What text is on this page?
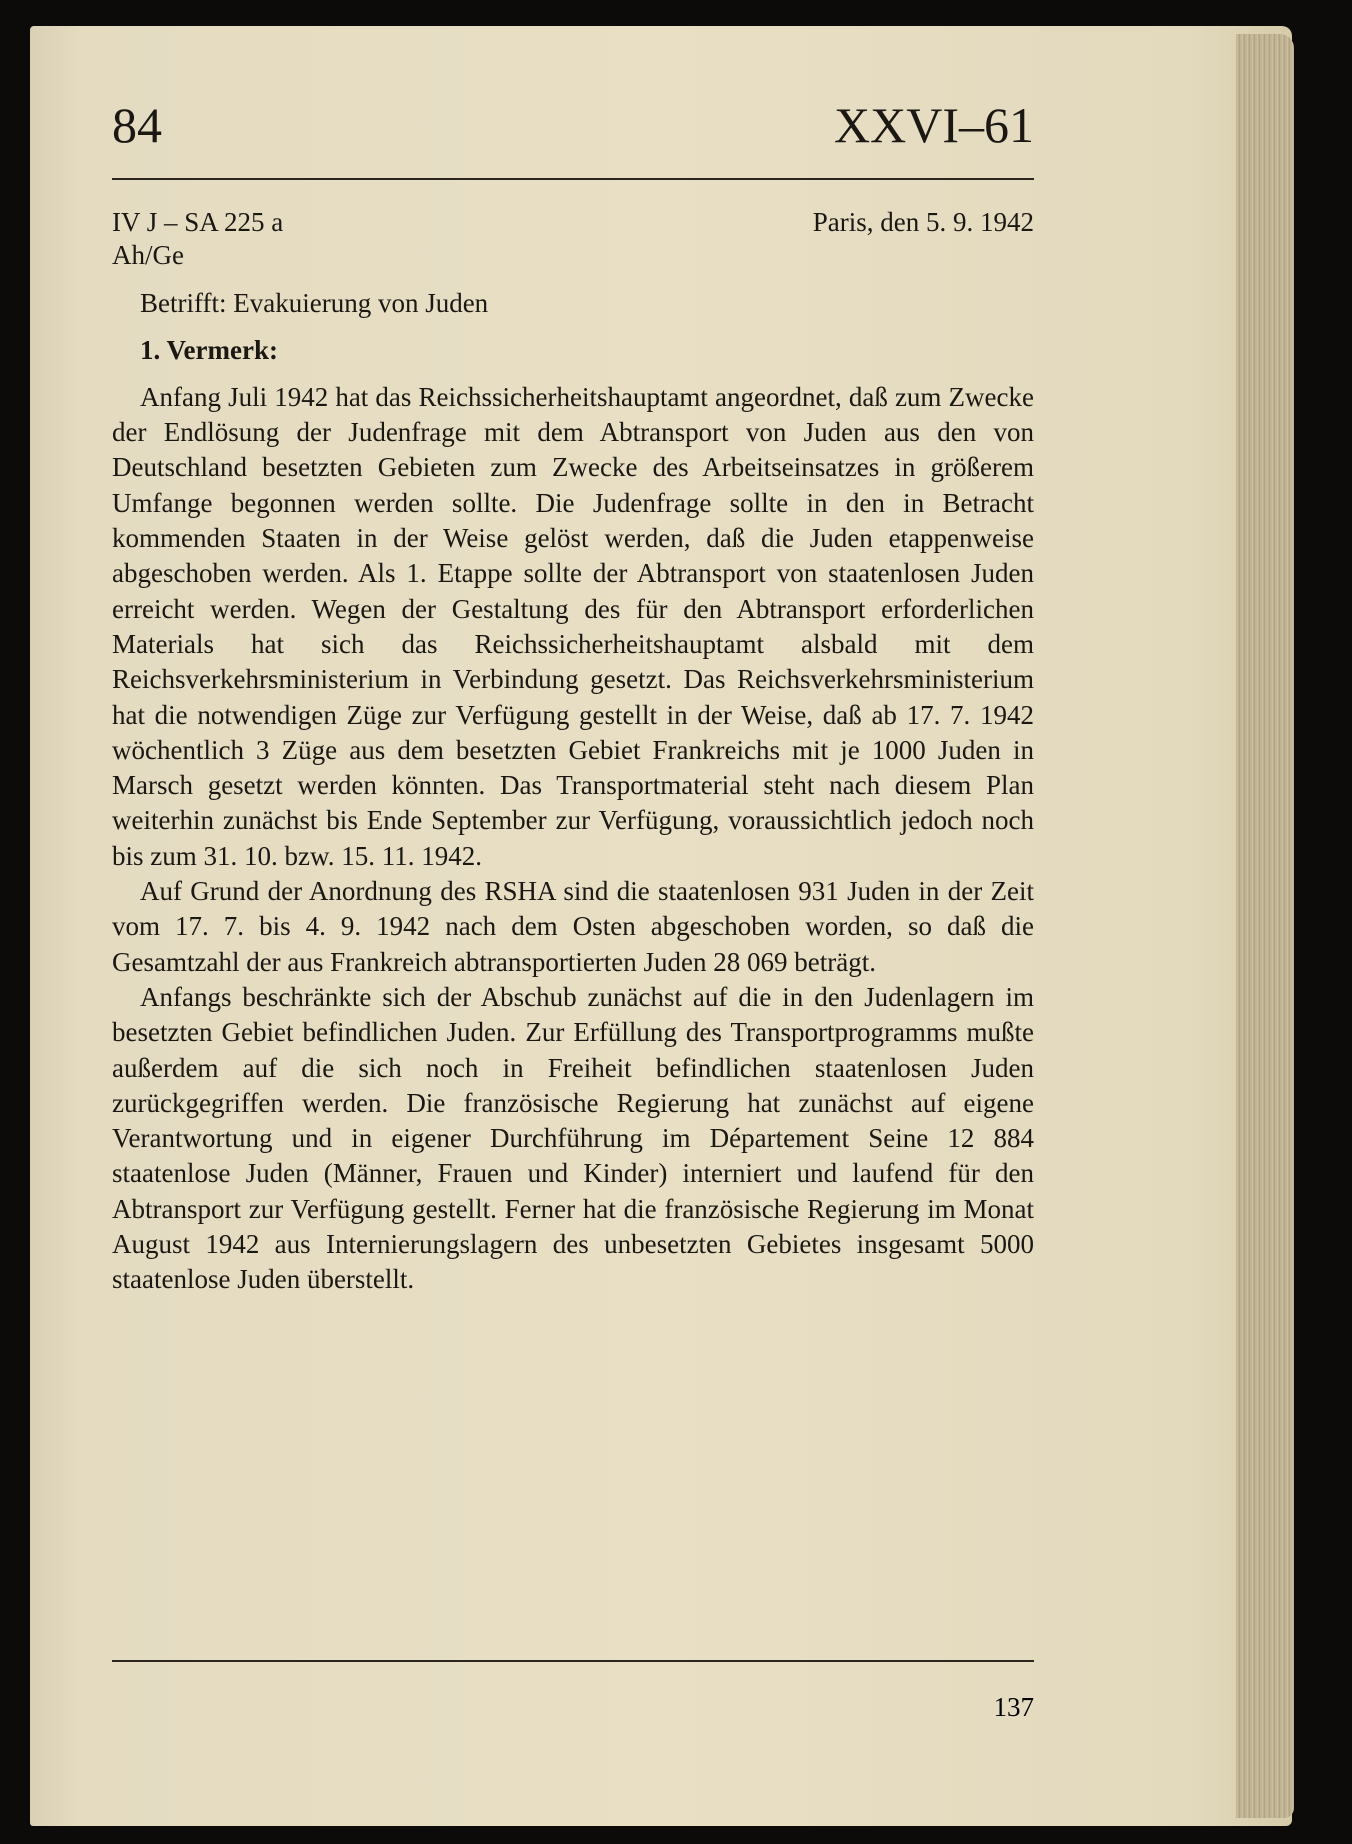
84	XXVI–61
IV J – SA 225 a
Ah/Ge
Paris, den 5. 9. 1942
Betrifft: Evakuierung von Juden
1. Vermerk:

Anfang Juli 1942 hat das Reichssicherheitshauptamt angeordnet, daß zum Zwecke der Endlösung der Judenfrage mit dem Abtransport von Juden aus den von Deutschland besetzten Gebieten zum Zwecke des Arbeitseinsatzes in größerem Umfange begonnen werden sollte. Die Judenfrage sollte in den in Betracht kommenden Staaten in der Weise gelöst werden, daß die Juden etappenweise abgeschoben werden. Als 1. Etappe sollte der Abtransport von staatenlosen Juden erreicht werden. Wegen der Gestaltung des für den Abtransport erforderlichen Materials hat sich das Reichssicherheitshauptamt alsbald mit dem Reichsverkehrsministerium in Verbindung gesetzt. Das Reichsverkehrsministerium hat die notwendigen Züge zur Verfügung gestellt in der Weise, daß ab 17. 7. 1942 wöchentlich 3 Züge aus dem besetzten Gebiet Frankreichs mit je 1000 Juden in Marsch gesetzt werden könnten. Das Transportmaterial steht nach diesem Plan weiterhin zunächst bis Ende September zur Verfügung, voraussichtlich jedoch noch bis zum 31. 10. bzw. 15. 11. 1942.

Auf Grund der Anordnung des RSHA sind die staatenlosen 931 Juden in der Zeit vom 17. 7. bis 4. 9. 1942 nach dem Osten abgeschoben worden, so daß die Gesamtzahl der aus Frankreich abtransportierten Juden 28 069 beträgt.

Anfangs beschränkte sich der Abschub zunächst auf die in den Judenlagern im besetzten Gebiet befindlichen Juden. Zur Erfüllung des Transportprogramms mußte außerdem auf die sich noch in Freiheit befindlichen staatenlosen Juden zurückgegriffen werden. Die französische Regierung hat zunächst auf eigene Verantwortung und in eigener Durchführung im Département Seine 12 884 staatenlose Juden (Männer, Frauen und Kinder) interniert und laufend für den Abtransport zur Verfügung gestellt. Ferner hat die französische Regierung im Monat August 1942 aus Internierungslagern des unbesetzten Gebietes insgesamt 5000 staatenlose Juden überstellt.

137
